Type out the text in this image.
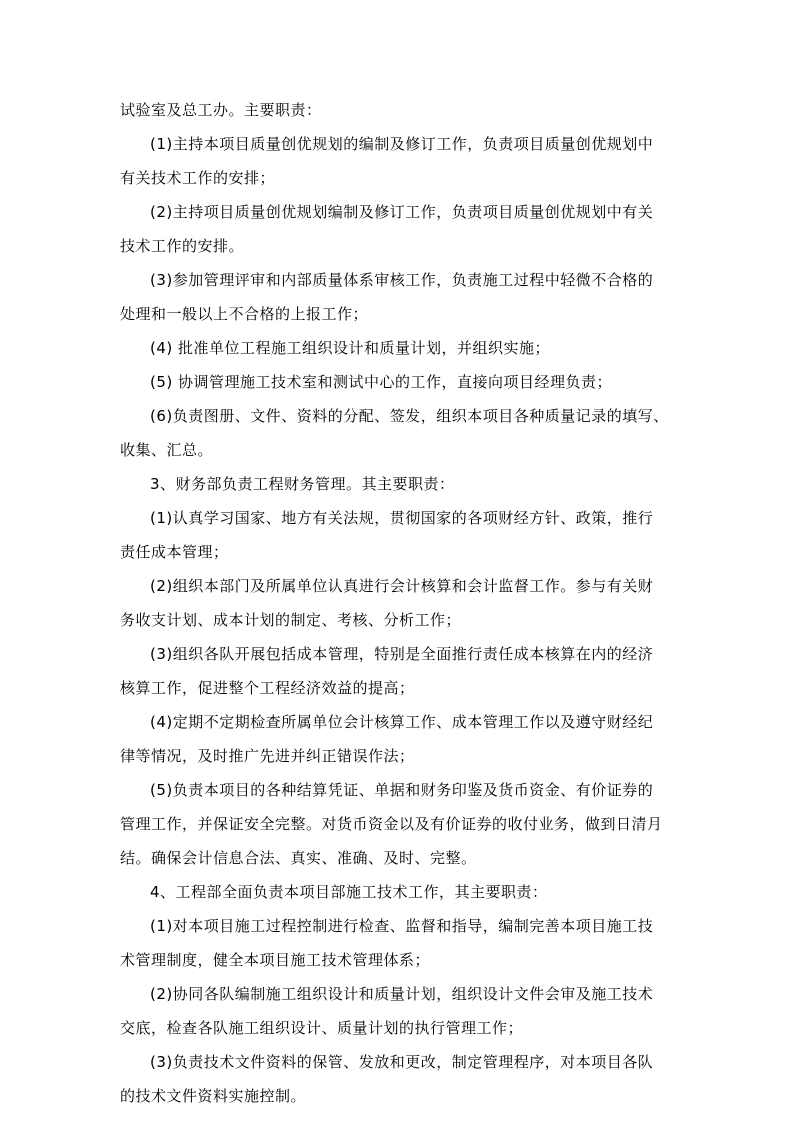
试验室及总工办。主要职责：
(1)主持本项目质量创优规划的编制及修订工作，负责项目质量创优规划中
有关技术工作的安排；
(2)主持项目质量创优规划编制及修订工作，负责项目质量创优规划中有关
技术工作的安排。
(3)参加管理评审和内部质量体系审核工作，负责施工过程中轻微不合格的
处理和一般以上不合格的上报工作；
(4) 批准单位工程施工组织设计和质量计划，并组织实施；
(5) 协调管理施工技术室和测试中心的工作，直接向项目经理负责；
(6)负责图册、文件、资料的分配、签发，组织本项目各种质量记录的填写、
收集、汇总。
3、财务部负责工程财务管理。其主要职责：
(1)认真学习国家、地方有关法规，贯彻国家的各项财经方针、政策，推行
责任成本管理；
(2)组织本部门及所属单位认真进行会计核算和会计监督工作。参与有关财
务收支计划、成本计划的制定、考核、分析工作；
(3)组织各队开展包括成本管理，特别是全面推行责任成本核算在内的经济
核算工作，促进整个工程经济效益的提高；
(4)定期不定期检查所属单位会计核算工作、成本管理工作以及遵守财经纪
律等情况，及时推广先进并纠正错误作法；
(5)负责本项目的各种结算凭证、单据和财务印鉴及货币资金、有价证券的
管理工作，并保证安全完整。对货币资金以及有价证券的收付业务，做到日清月
结。确保会计信息合法、真实、准确、及时、完整。
4、工程部全面负责本项目部施工技术工作，其主要职责：
(1)对本项目施工过程控制进行检查、监督和指导，编制完善本项目施工技
术管理制度，健全本项目施工技术管理体系；
(2)协同各队编制施工组织设计和质量计划，组织设计文件会审及施工技术
交底，检查各队施工组织设计、质量计划的执行管理工作；
(3)负责技术文件资料的保管、发放和更改，制定管理程序，对本项目各队
的技术文件资料实施控制。
